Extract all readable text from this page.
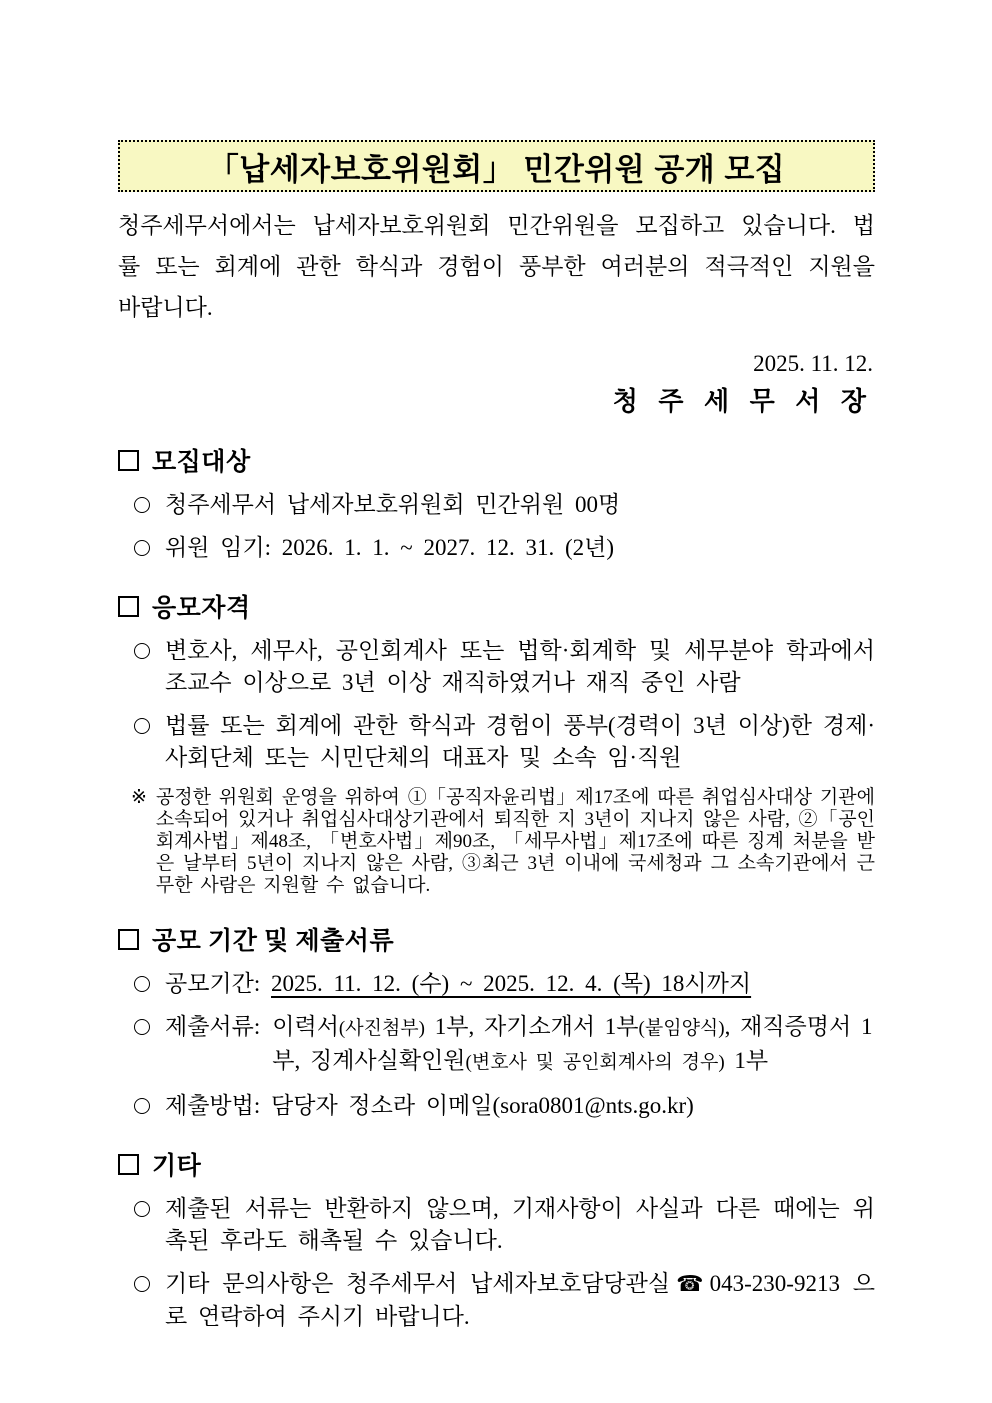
「납세자보호위원회」 민간위원 공개 모집

청주세무서에서는 납세자보호위원회 민간위원을 모집하고 있습니다. 법률 또는 회계에 관한 학식과 경험이 풍부한 여러분의 적극적인 지원을 바랍니다.

2025. 11. 12.
청 주 세 무 서 장
모집대상
청주세무서 납세자보호위원회 민간위원 00명
위원 임기: 2026. 1. 1. ~ 2027. 12. 31. (2년)
응모자격
변호사, 세무사, 공인회계사 또는 법학·회계학 및 세무분야 학과에서 조교수 이상으로 3년 이상 재직하였거나 재직 중인 사람
법률 또는 회계에 관한 학식과 경험이 풍부(경력이 3년 이상)한 경제·사회단체 또는 시민단체의 대표자 및 소속 임·직원
※ 공정한 위원회 운영을 위하여 ①「공직자윤리법」제17조에 따른 취업심사대상 기관에 소속되어 있거나 취업심사대상기관에서 퇴직한 지 3년이 지나지 않은 사람, ②「공인회계사법」제48조, 「변호사법」제90조, 「세무사법」제17조에 따른 징계 처분을 받은 날부터 5년이 지나지 않은 사람, ③최근 3년 이내에 국세청과 그 소속기관에서 근무한 사람은 지원할 수 없습니다.
공모 기간 및 제출서류
공모기간: 2025. 11. 12. (수) ~ 2025. 12. 4. (목) 18시까지
제출서류: 이력서(사진첨부) 1부, 자기소개서 1부(붙임양식), 재직증명서 1부, 징계사실확인원(변호사 및 공인회계사의 경우) 1부
제출방법: 담당자 정소라 이메일(sora0801@nts.go.kr)
기타
제출된 서류는 반환하지 않으며, 기재사항이 사실과 다른 때에는 위촉된 후라도 해촉될 수 있습니다.
기타 문의사항은 청주세무서 납세자보호담당관실 ☎ 043-230-9213 으로 연락하여 주시기 바랍니다.
